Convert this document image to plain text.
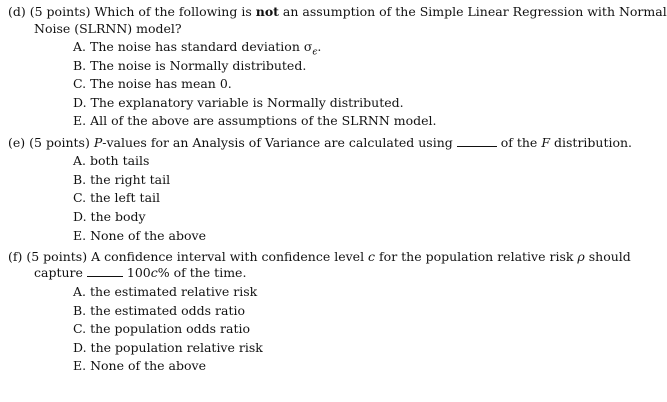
(d) (5 points) Which of the following is not an assumption of the Simple Linear Regression with Normal
Noise (SLRNN) model?
A. The noise has standard deviation $\sigma_\epsilon$.
B. The noise is Normally distributed.
C. The noise has mean 0.
D. The explanatory variable is Normally distributed.
E. All of the above are assumptions of the SLRNN model.
(e) (5 points) P-values for an Analysis of Variance are calculated using	of the F distribution.
A. both tails
B. the right tail
C. the left tail
D. the body
E. None of the above
(f) (5 points) A confidence interval with confidence level c for the population relative risk ρ should
capture	100c% of the time.
A. the estimated relative risk
B. the estimated odds ratio
C. the population odds ratio
D. the population relative risk
E. None of the above
